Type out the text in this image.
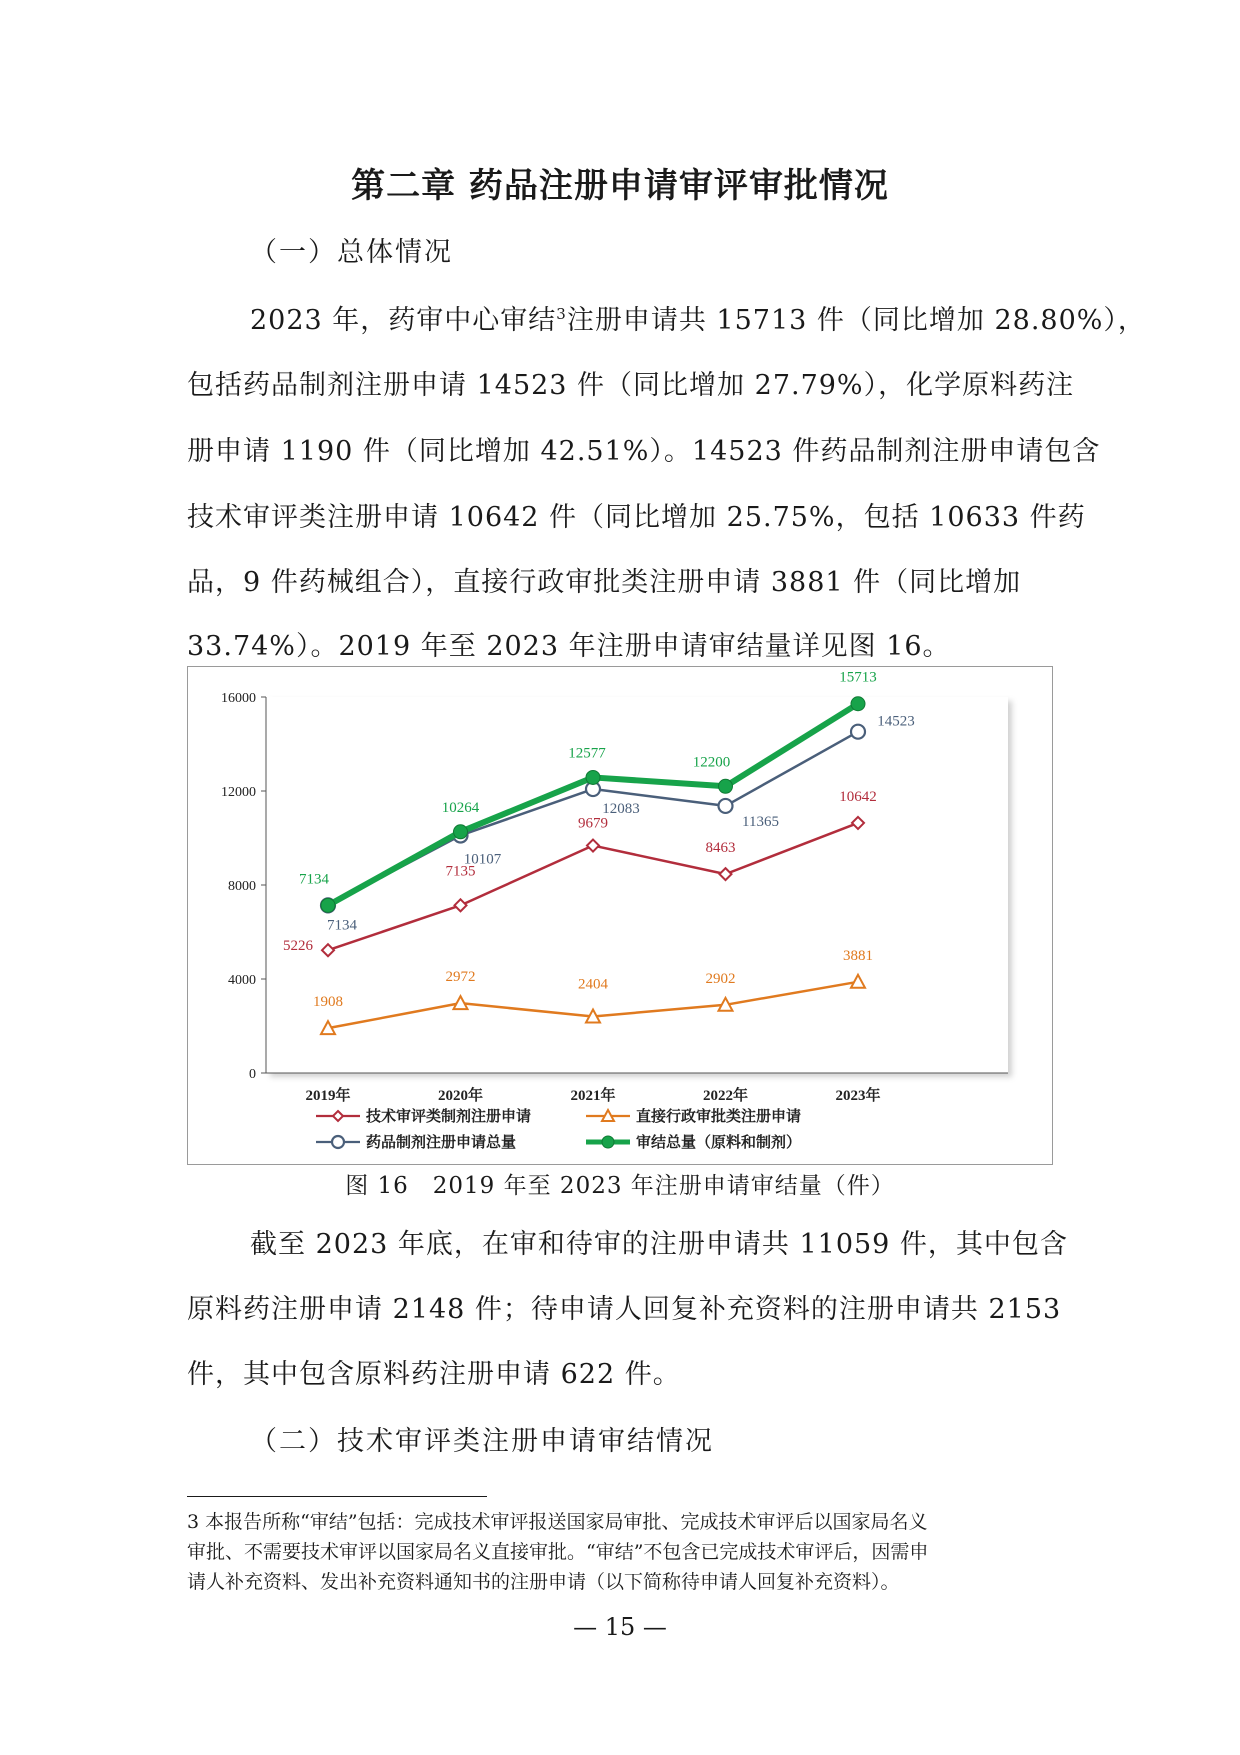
第二章 药品注册申请审评审批情况
（一）总体情况
2023 年，药审中心审结$^3$注册申请共 15713 件（同比增加 28.80%），
包括药品制剂注册申请 14523 件（同比增加 27.79%），化学原料药注
册申请 1190 件（同比增加 42.51%）。14523 件药品制剂注册申请包含
技术审评类注册申请 10642 件（同比增加 25.75%，包括 10633 件药
品，9 件药械组合），直接行政审批类注册申请 3881 件（同比增加
33.74%）。2019 年至 2023 年注册申请审结量详见图 16。
0
4000
8000
12000
16000
2019年	2020年	2021年	2022年	2023年
5226
7135
9679
8463
10642
1908
2972	2404	2902
3881
7134
10107
12083
11365
14523
7134
10264
12577
12200
15713
技术审评类制剂注册申请	直接行政审批类注册申请
药品制剂注册申请总量	审结总量（原料和制剂）
图 16　2019 年至 2023 年注册申请审结量（件）
截至 2023 年底，在审和待审的注册申请共 11059 件，其中包含
原料药注册申请 2148 件；待申请人回复补充资料的注册申请共 2153
件，其中包含原料药注册申请 622 件。
（二）技术审评类注册申请审结情况
3 本报告所称“审结”包括：完成技术审评报送国家局审批、完成技术审评后以国家局名义
审批、不需要技术审评以国家局名义直接审批。“审结”不包含已完成技术审评后，因需申
请人补充资料、发出补充资料通知书的注册申请（以下简称待申请人回复补充资料）。
— 15 —
